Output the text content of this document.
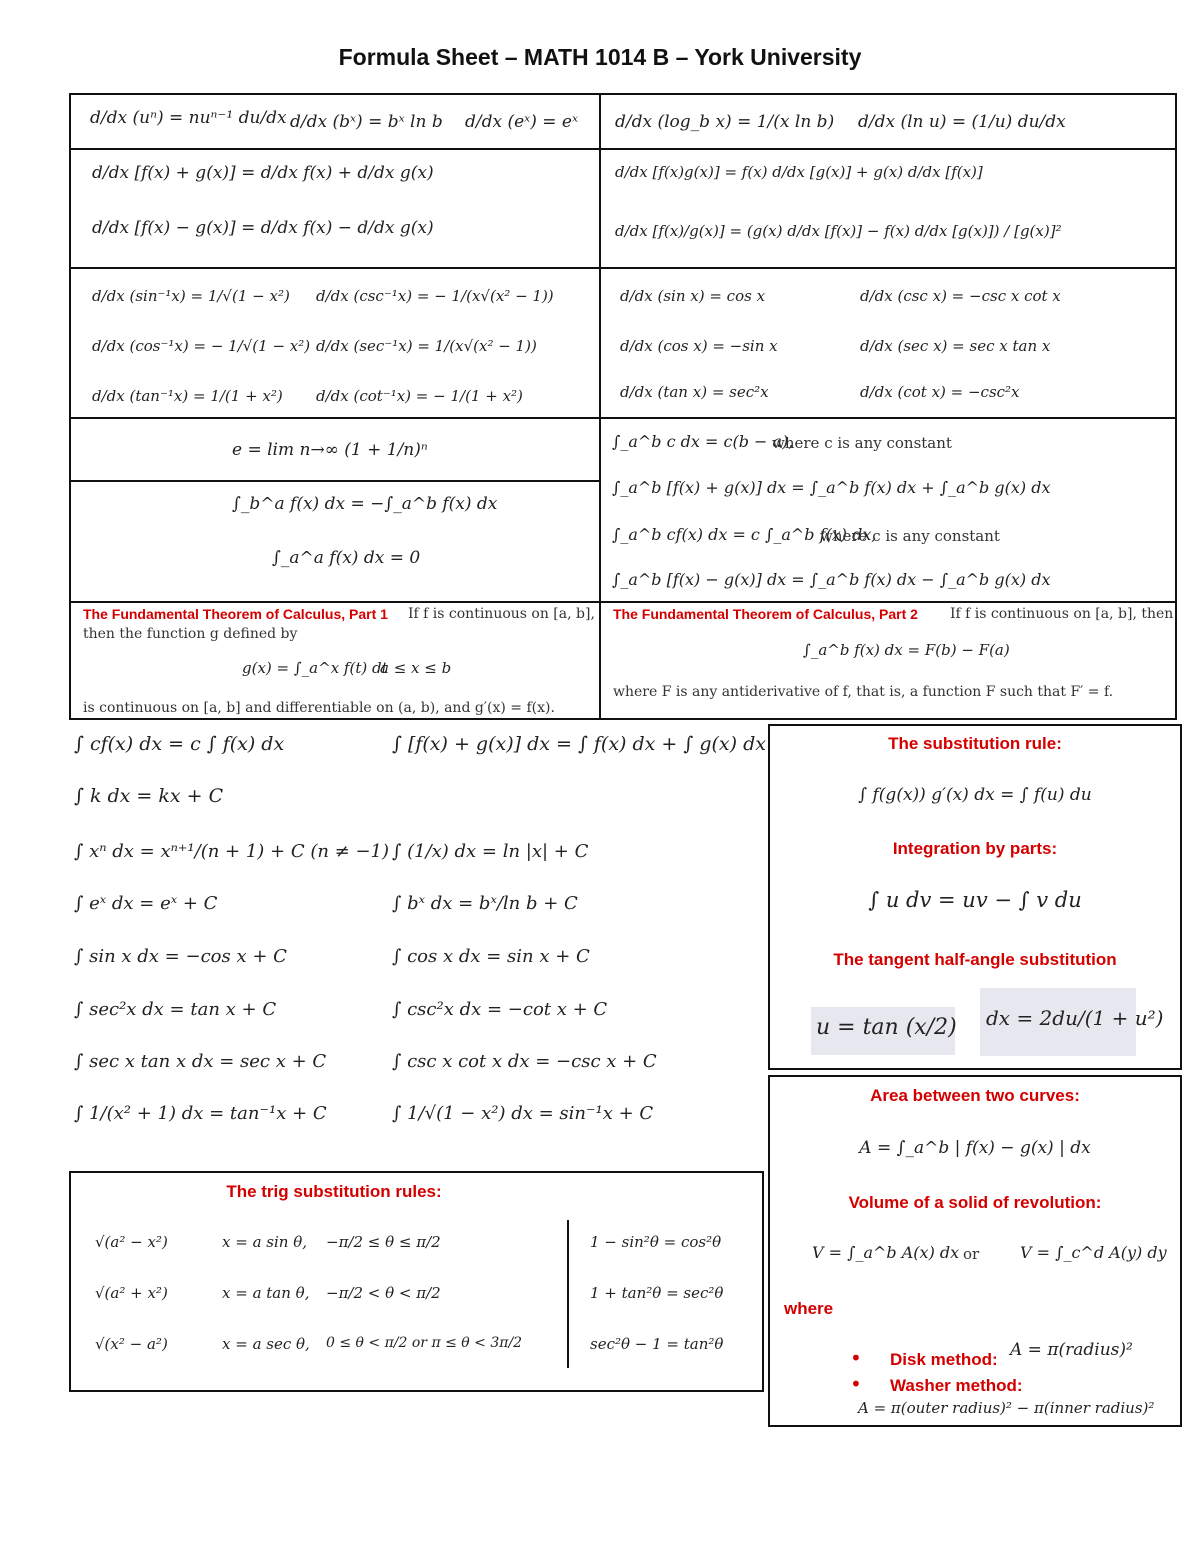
Formula Sheet – MATH 1014 B – York University
d/dx (uⁿ) = nuⁿ⁻¹ du/dx d/dx (bˣ) = bˣ ln b d/dx (eˣ) = eˣ d/dx (log_b x) = 1/(x ln b) d/dx (ln u) = (1/u) du/dx
d/dx [f(x) + g(x)] = d/dx f(x) + d/dx g(x)
d/dx [f(x) − g(x)] = d/dx f(x) − d/dx g(x)
d/dx [f(x)g(x)] = f(x) d/dx [g(x)] + g(x) d/dx [f(x)]
d/dx [f(x)/g(x)] = (g(x) d/dx [f(x)] − f(x) d/dx [g(x)]) / [g(x)]²
d/dx (sin⁻¹x) = 1/√(1 − x²) d/dx (csc⁻¹x) = − 1/(x√(x² − 1))
d/dx (cos⁻¹x) = − 1/√(1 − x²) d/dx (sec⁻¹x) = 1/(x√(x² − 1))
d/dx (tan⁻¹x) = 1/(1 + x²) d/dx (cot⁻¹x) = − 1/(1 + x²)
d/dx (sin x) = cos x	d/dx (csc x) = −csc x cot x
d/dx (cos x) = −sin x	d/dx (sec x) = sec x tan x
d/dx (tan x) = sec²x	d/dx (cot x) = −csc²x
e = lim n→∞ (1 + 1/n)ⁿ
∫_b^a f(x) dx = −∫_a^b f(x) dx
∫_a^a f(x) dx = 0
∫_a^b c dx = c(b − a),
where c is any constant
∫_a^b [f(x) + g(x)] dx = ∫_a^b f(x) dx + ∫_a^b g(x) dx
∫_a^b cf(x) dx = c ∫_a^b f(x) dx,
where c is any constant
∫_a^b [f(x) − g(x)] dx = ∫_a^b f(x) dx − ∫_a^b g(x) dx
The Fundamental Theorem of Calculus, Part 1 If f is continuous on [a, b],
then the function g defined by
g(x) = ∫_a^x f(t) dt
a ≤ x ≤ b
is continuous on [a, b] and differentiable on (a, b), and g′(x) = f(x).
The Fundamental Theorem of Calculus, Part 2 If f is continuous on [a, b], then
∫_a^b f(x) dx = F(b) − F(a)
where F is any antiderivative of f, that is, a function F such that F′ = f.
∫ cf(x) dx = c ∫ f(x) dx	∫ [f(x) + g(x)] dx = ∫ f(x) dx + ∫ g(x) dx
∫ k dx = kx + C
∫ xⁿ dx = xⁿ⁺¹/(n + 1) + C (n ≠ −1) ∫ (1/x) dx = ln |x| + C
∫ eˣ dx = eˣ + C	∫ bˣ dx = bˣ/ln b + C
∫ sin x dx = −cos x + C	∫ cos x dx = sin x + C
∫ sec²x dx = tan x + C	∫ csc²x dx = −cot x + C
∫ sec x tan x dx = sec x + C	∫ csc x cot x dx = −csc x + C
∫ 1/(x² + 1) dx = tan⁻¹x + C	∫ 1/√(1 − x²) dx = sin⁻¹x + C
The substitution rule:
∫ f(g(x)) g′(x) dx = ∫ f(u) du
Integration by parts:
∫ u dv = uv − ∫ v du
The tangent half-angle substitution
u = tan (x/2) dx = 2du/(1 + u²)
The trig substitution rules:
√(a² − x²)	x = a sin θ, −π/2 ≤ θ ≤ π/2	1 − sin²θ = cos²θ
√(a² + x²)	x = a tan θ, −π/2 < θ < π/2	1 + tan²θ = sec²θ
√(x² − a²)	x = a sec θ, 0 ≤ θ < π/2 or π ≤ θ < 3π/2	sec²θ − 1 = tan²θ
Area between two curves:
A = ∫_a^b | f(x) − g(x) | dx
Volume of a solid of revolution:
V = ∫_a^b A(x) dx or	V = ∫_c^d A(y) dy
where
• Disk method: A = π(radius)²
• Washer method:
A = π(outer radius)² − π(inner radius)²
